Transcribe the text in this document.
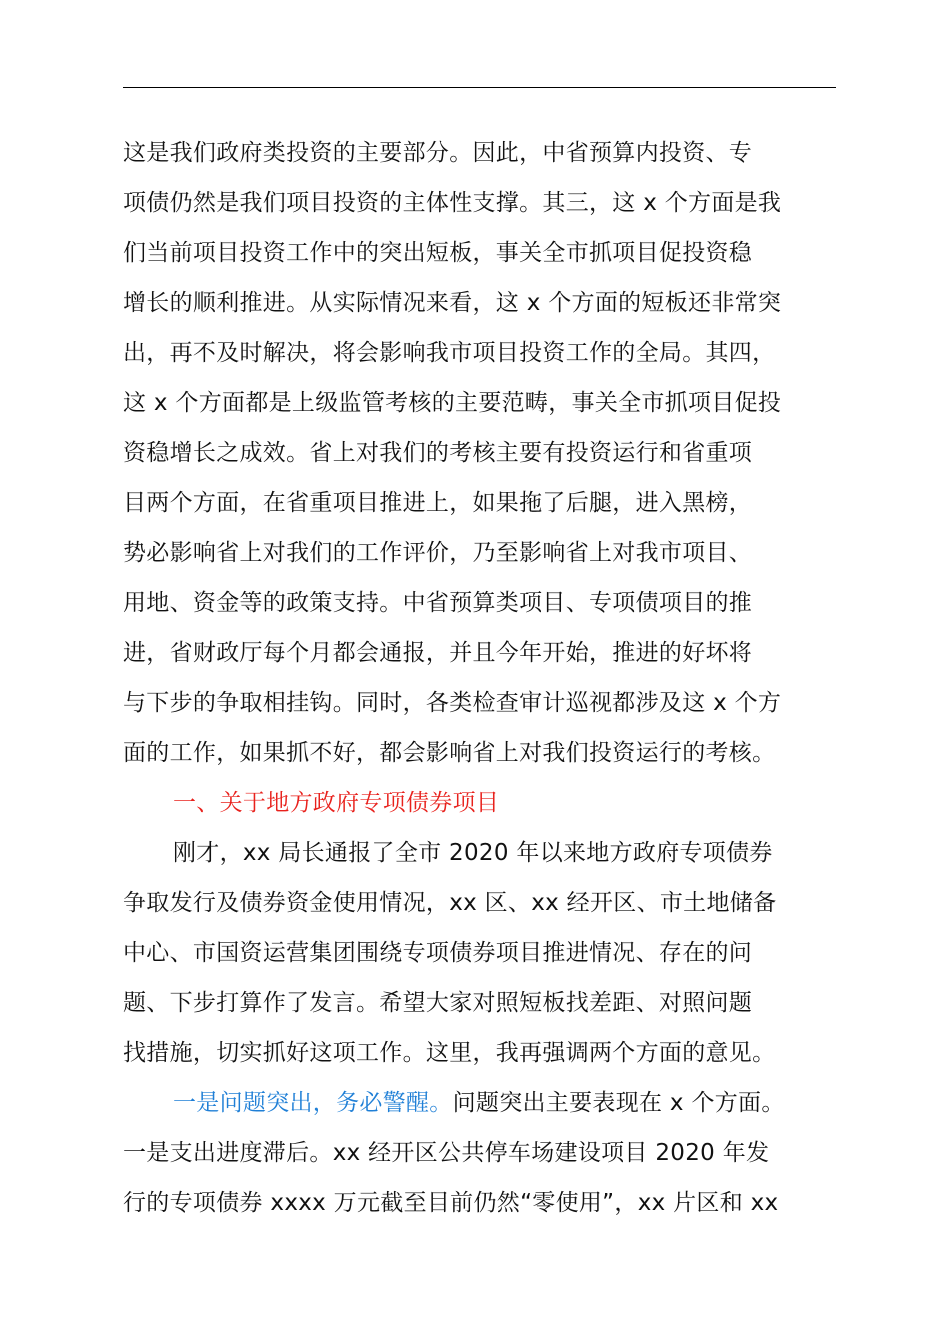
这是我们政府类投资的主要部分。因此，中省预算内投资、专
项债仍然是我们项目投资的主体性支撑。其三，这 x 个方面是我
们当前项目投资工作中的突出短板，事关全市抓项目促投资稳
增长的顺利推进。从实际情况来看，这 x 个方面的短板还非常突
出，再不及时解决，将会影响我市项目投资工作的全局。其四，
这 x 个方面都是上级监管考核的主要范畴，事关全市抓项目促投
资稳增长之成效。省上对我们的考核主要有投资运行和省重项
目两个方面，在省重项目推进上，如果拖了后腿，进入黑榜，
势必影响省上对我们的工作评价，乃至影响省上对我市项目、
用地、资金等的政策支持。中省预算类项目、专项债项目的推
进，省财政厅每个月都会通报，并且今年开始，推进的好坏将
与下步的争取相挂钩。同时，各类检查审计巡视都涉及这 x 个方
面的工作，如果抓不好，都会影响省上对我们投资运行的考核。
一、关于地方政府专项债券项目
刚才，xx 局长通报了全市 2020 年以来地方政府专项债券
争取发行及债券资金使用情况，xx 区、xx 经开区、市土地储备
中心、市国资运营集团围绕专项债券项目推进情况、存在的问
题、下步打算作了发言。希望大家对照短板找差距、对照问题
找措施，切实抓好这项工作。这里，我再强调两个方面的意见。
一是问题突出，务必警醒。问题突出主要表现在 x 个方面。
一是支出进度滞后。xx 经开区公共停车场建设项目 2020 年发
行的专项债券 xxxx 万元截至目前仍然“零使用”，xx 片区和 xx
